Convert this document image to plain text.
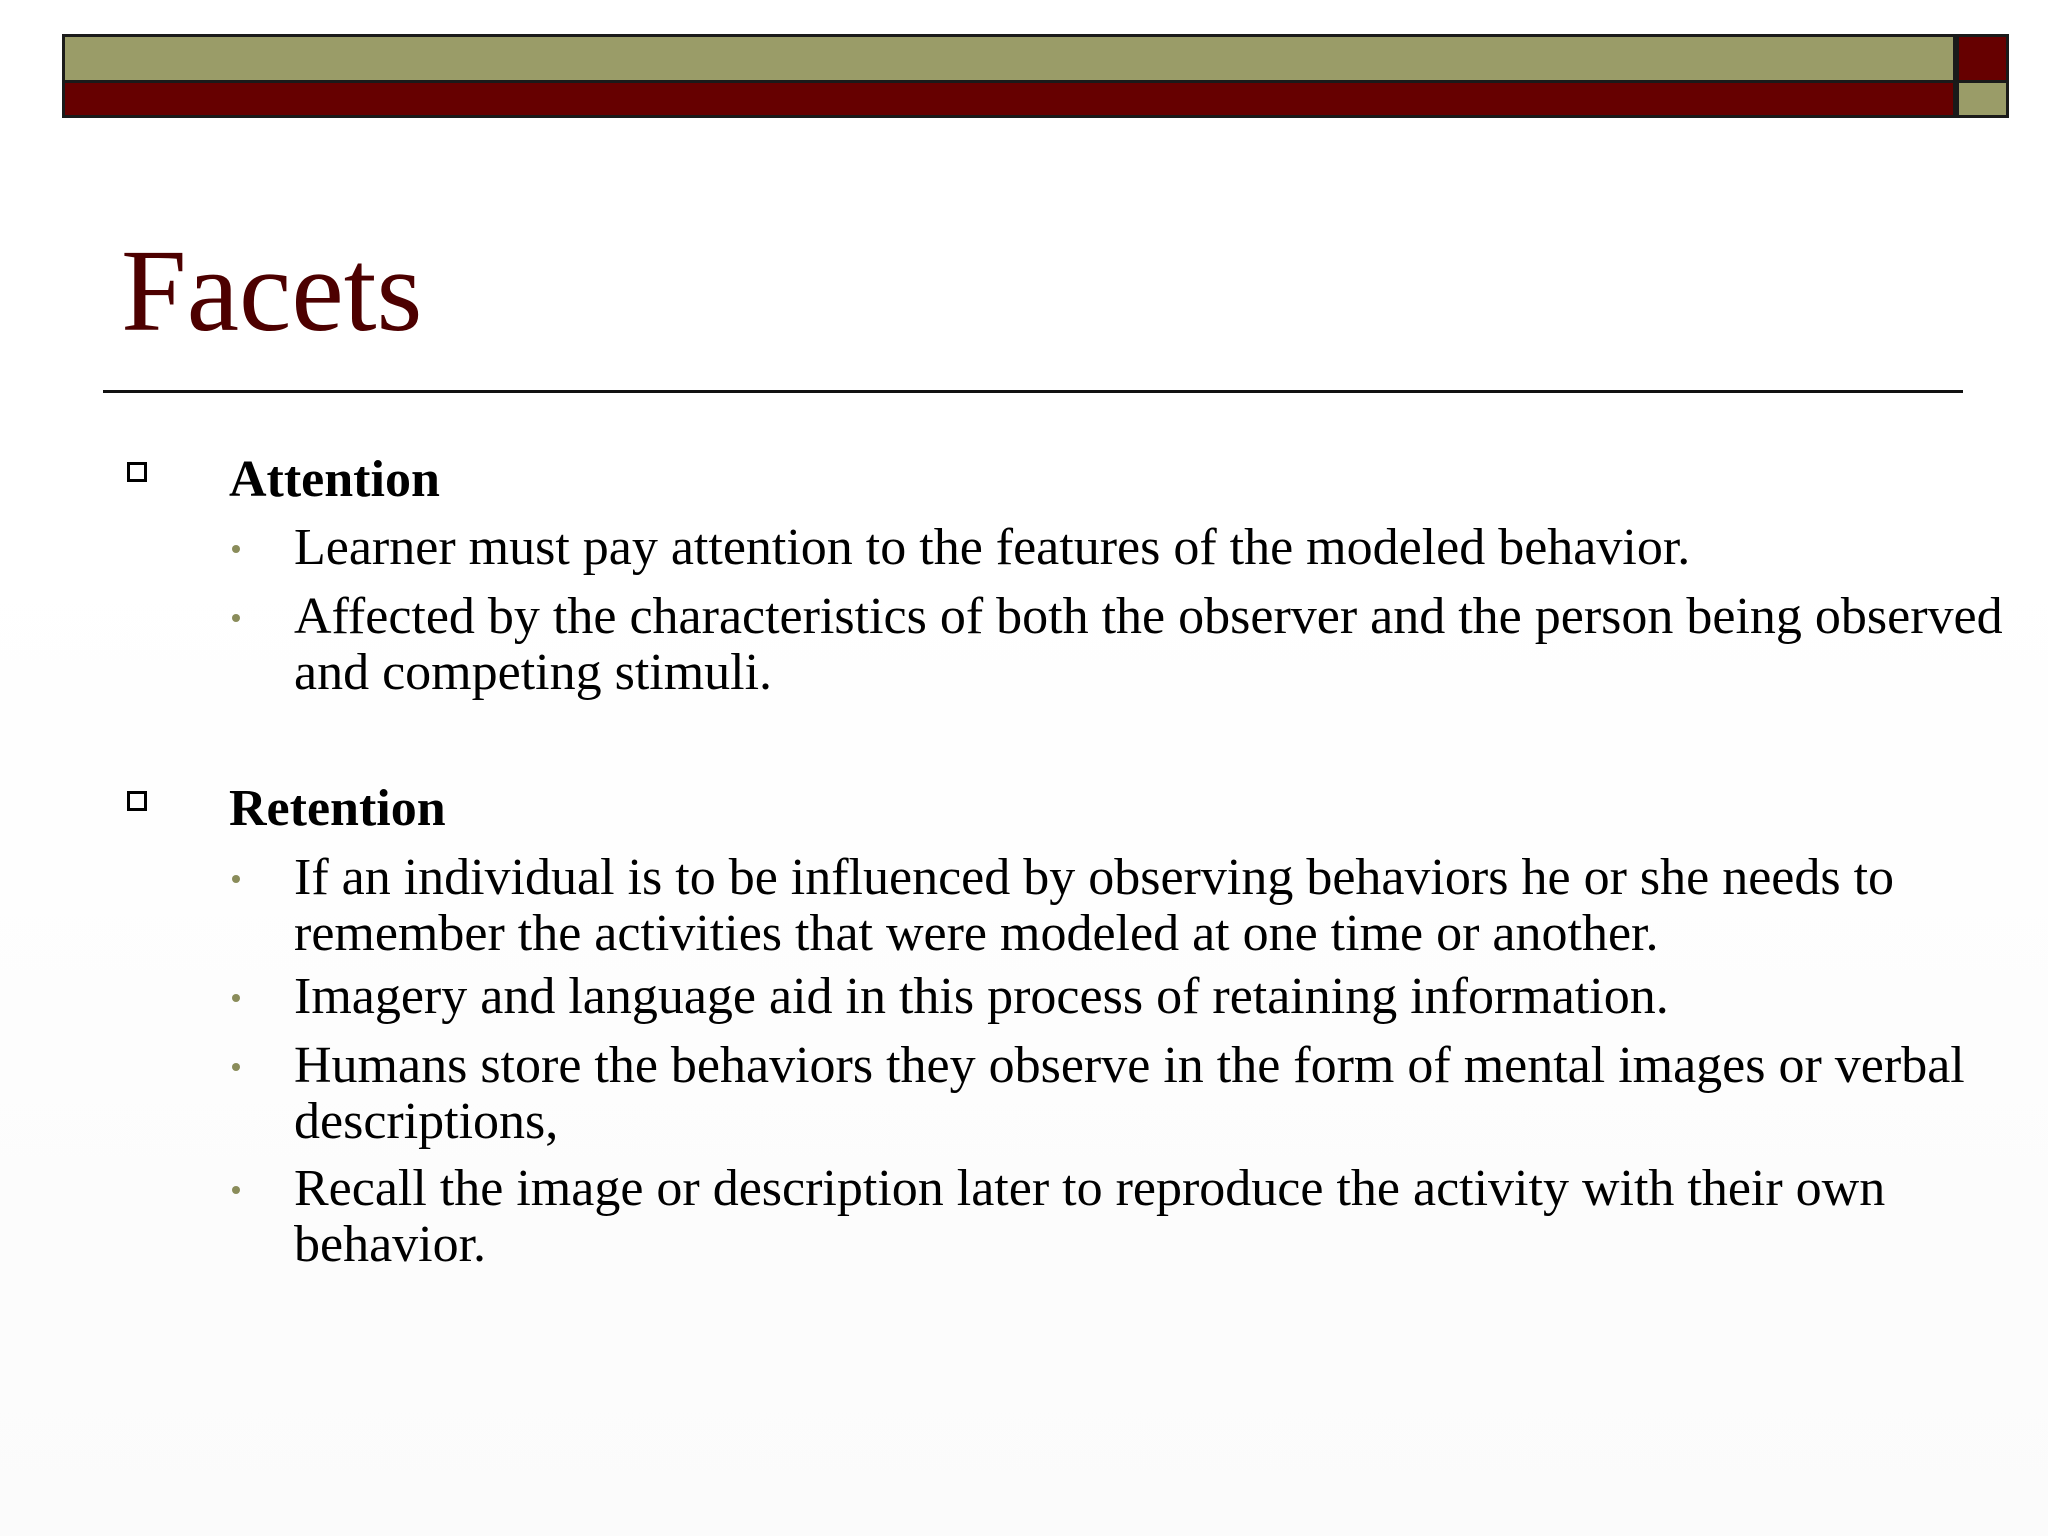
Facets
Attention
Learner must pay attention to the features of the modeled behavior.
Affected by the characteristics of both the observer and the person being observed and competing stimuli.
Retention
If an individual is to be influenced by observing behaviors he or she needs to remember the activities that were modeled at one time or another.
Imagery and language aid in this process of retaining information.
Humans store the behaviors they observe in the form of mental images or verbal descriptions,
Recall the image or description later to reproduce the activity with their own behavior.
